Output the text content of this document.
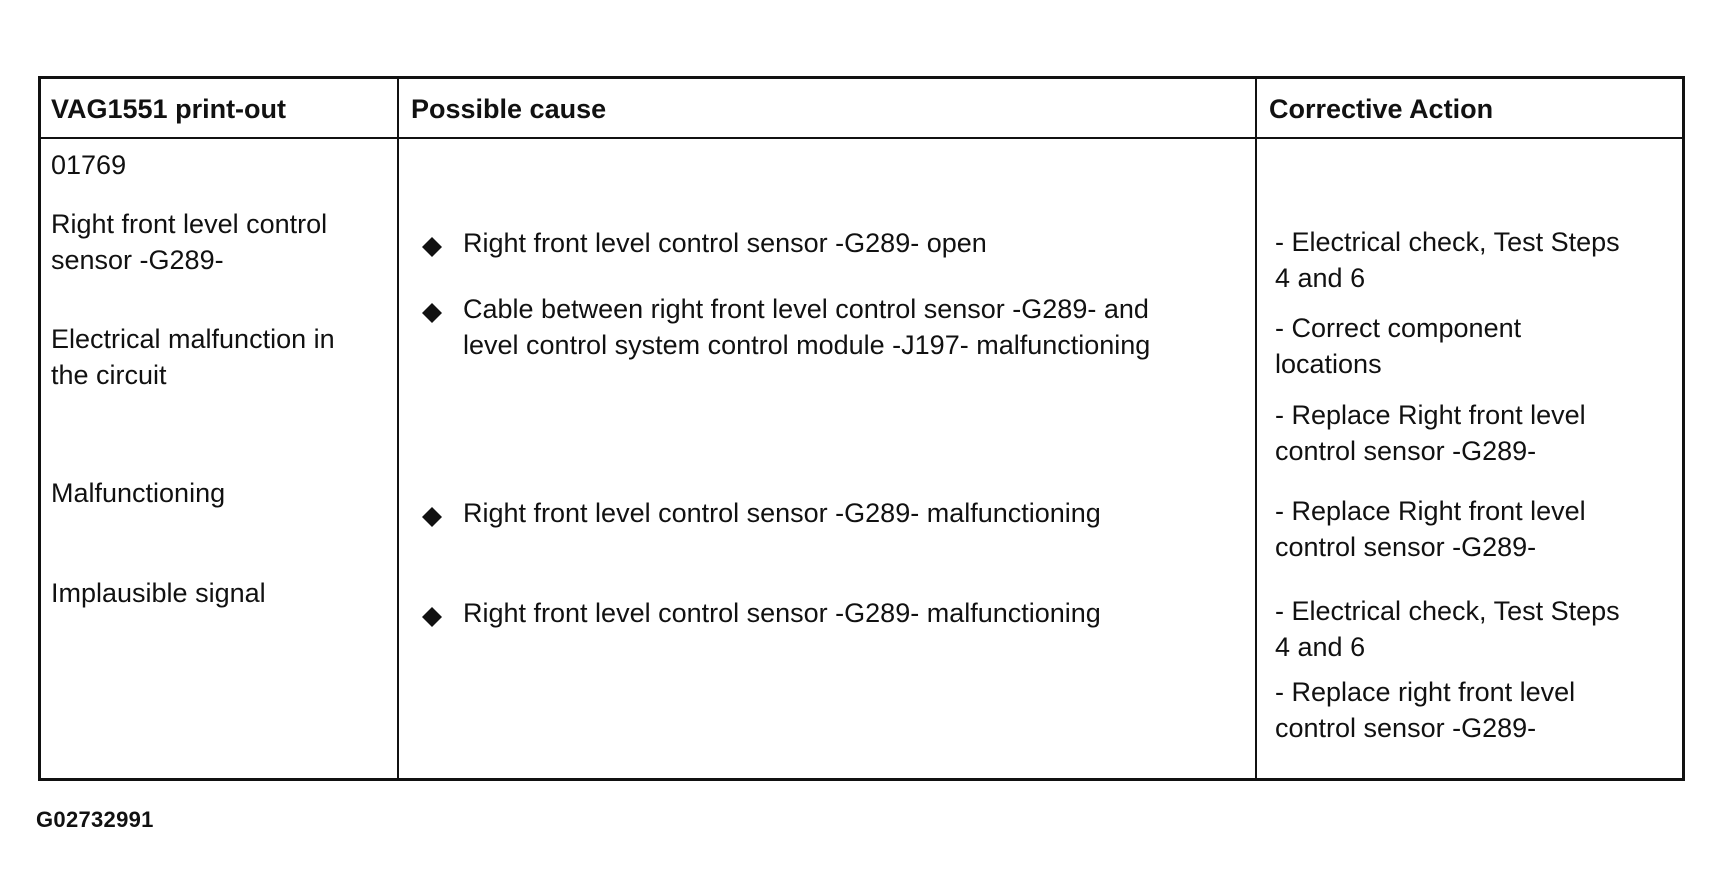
VAG1551 print-out	Possible cause	Corrective Action
01769
Right front level control
sensor -G289-
Electrical malfunction in
the circuit
Malfunctioning
Implausible signal
Right front level control sensor -G289- open
Cable between right front level control sensor -G289- and
level control system control module -J197- malfunctioning
Right front level control sensor -G289- malfunctioning
Right front level control sensor -G289- malfunctioning
- Electrical check, Test Steps
4 and 6
- Correct component
locations
- Replace Right front level
control sensor -G289-
- Replace Right front level
control sensor -G289-
- Electrical check, Test Steps
4 and 6
- Replace right front level
control sensor -G289-
G02732991
